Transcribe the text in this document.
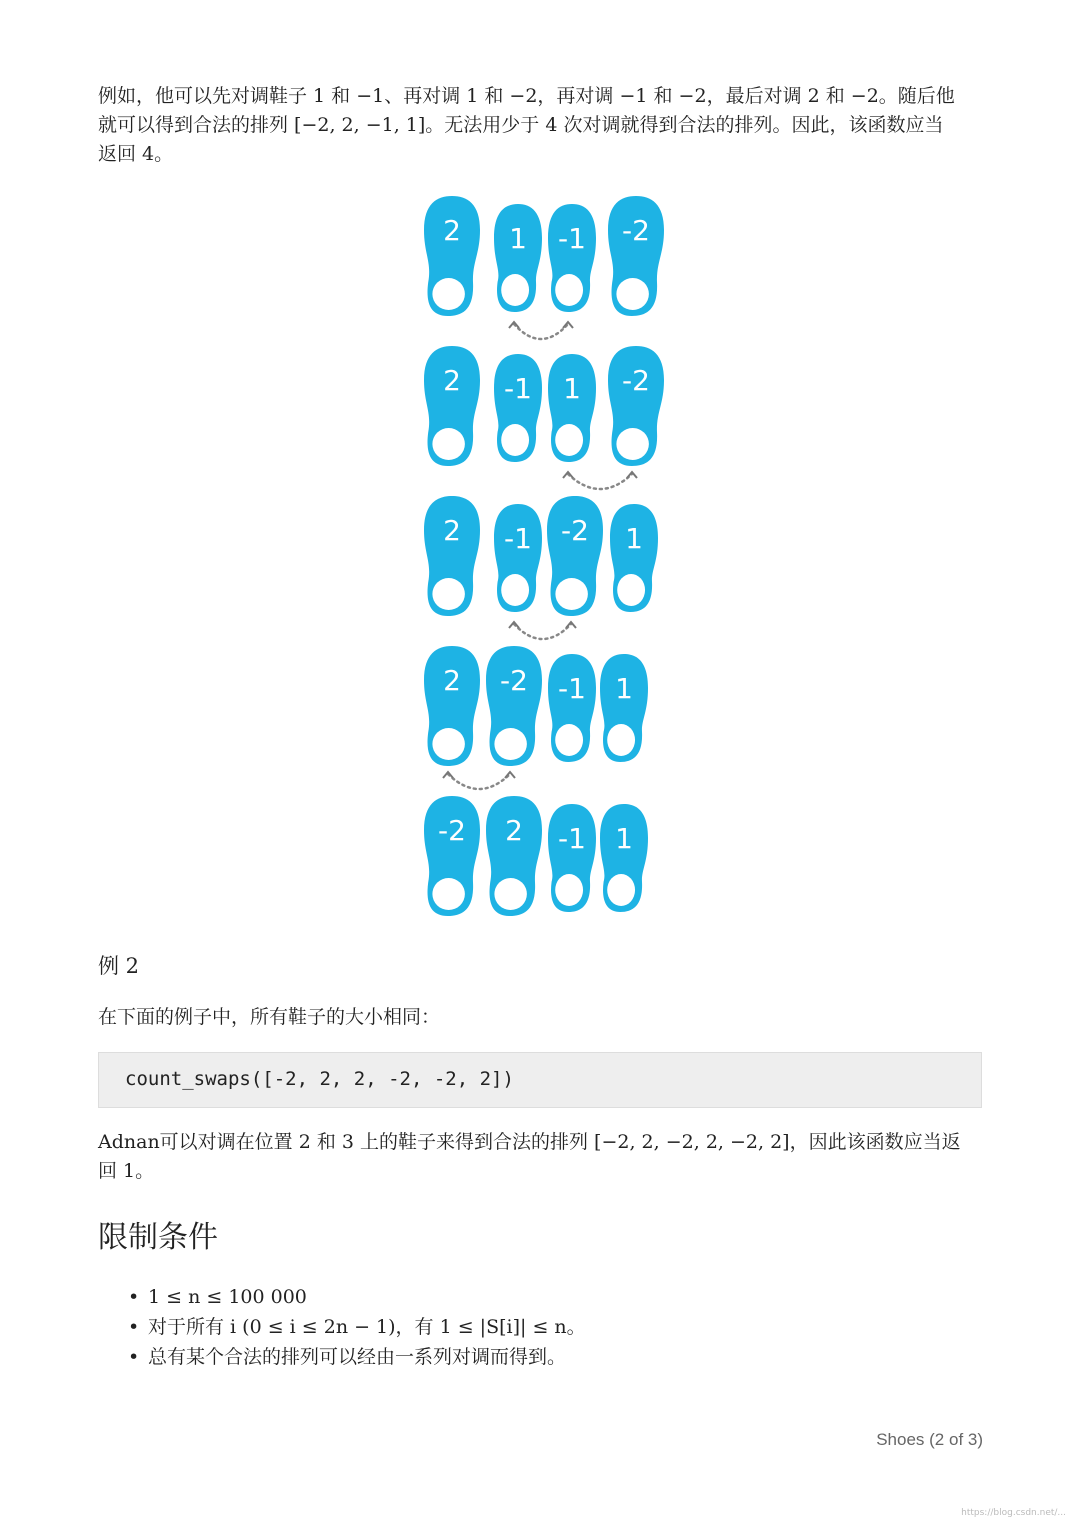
例如，他可以先对调鞋子 1 和 −1、再对调 1 和 −2，再对调 −1 和 −2，最后对调 2 和 −2。随后他
就可以得到合法的排列 [−2, 2, −1, 1]。无法用少于 4 次对调就得到合法的排列。因此，该函数应当
返回 4。
2 1 -1 -2
2 -1 1 -2
2 -1 -2 1
2 -2 -1 1
-2 2 -1 1
例 2

在下面的例子中，所有鞋子的大小相同：

count_swaps([-2, 2, 2, -2, -2, 2])
Adnan可以对调在位置 2 和 3 上的鞋子来得到合法的排列 [−2, 2, −2, 2, −2, 2]，因此该函数应当返
回 1。
限制条件
• 1 ≤ n ≤ 100 000
• 对于所有 i (0 ≤ i ≤ 2n − 1)，有 1 ≤ |S[i]| ≤ n。
• 总有某个合法的排列可以经由一系列对调而得到。
Shoes (2 of 3)
https://blog.csdn.net/...
